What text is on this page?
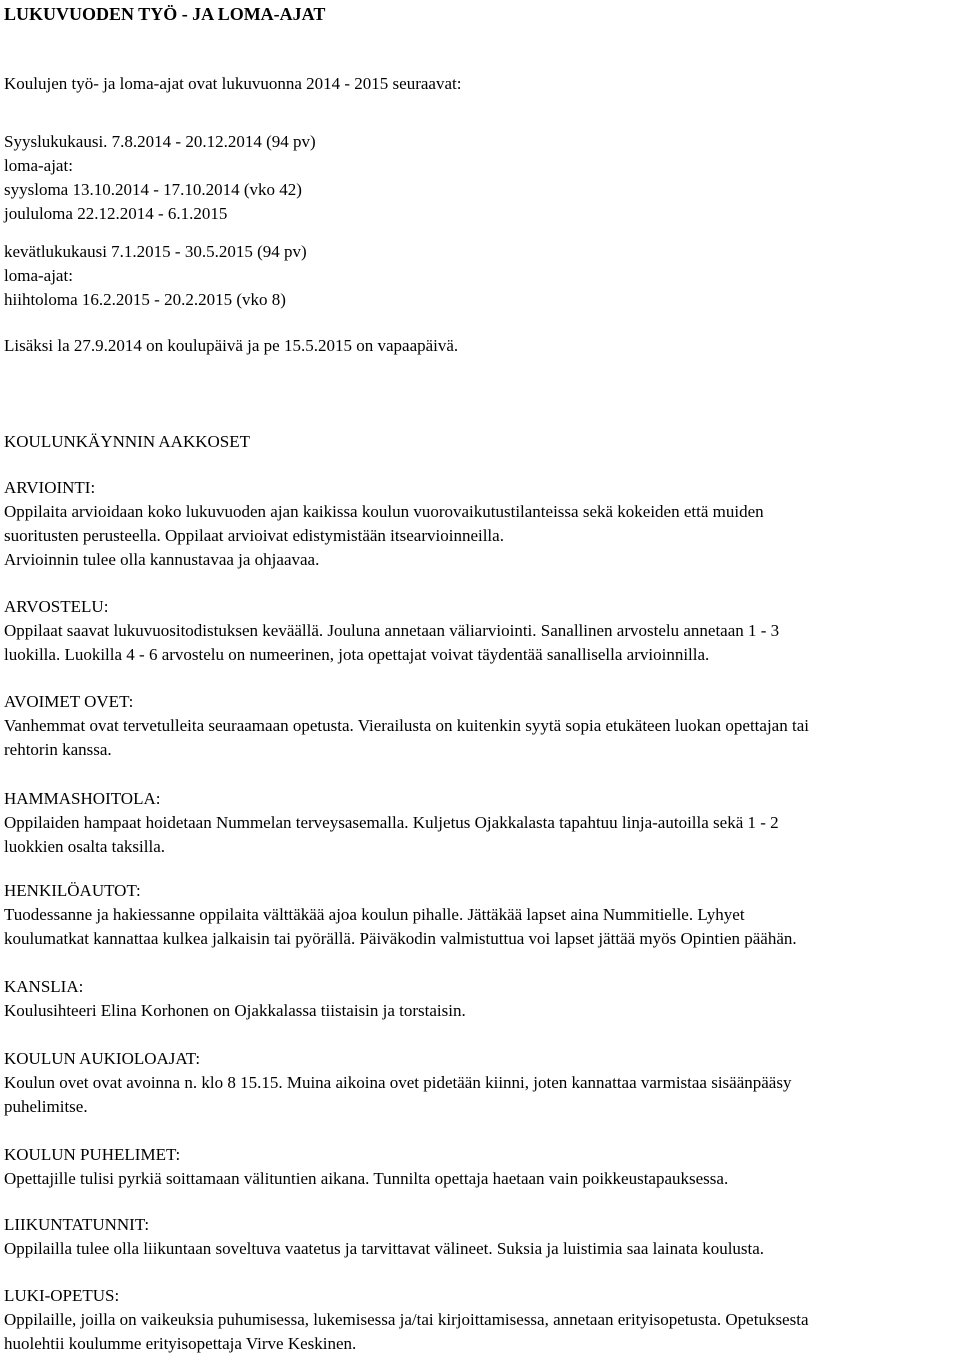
LUKUVUODEN TYÖ - JA LOMA-AJAT
Koulujen työ- ja loma-ajat ovat lukuvuonna 2014 - 2015 seuraavat:
Syyslukukausi. 7.8.2014 - 20.12.2014 (94 pv)
loma-ajat:
syysloma 13.10.2014 - 17.10.2014 (vko 42)
joululoma 22.12.2014 - 6.1.2015
kevätlukukausi 7.1.2015 - 30.5.2015 (94 pv)
loma-ajat:
hiihtoloma 16.2.2015 - 20.2.2015 (vko 8)
Lisäksi la 27.9.2014 on koulupäivä ja pe 15.5.2015 on vapaapäivä.
KOULUNKÄYNNIN AAKKOSET
ARVIOINTI:
Oppilaita arvioidaan koko lukuvuoden ajan kaikissa koulun vuorovaikutustilanteissa sekä kokeiden että muiden
suoritusten perusteella. Oppilaat arvioivat edistymistään itsearvioinneilla.
Arvioinnin tulee olla kannustavaa ja ohjaavaa.
ARVOSTELU:
Oppilaat saavat lukuvuositodistuksen keväällä. Jouluna annetaan väliarviointi. Sanallinen arvostelu annetaan 1 - 3
luokilla. Luokilla 4 - 6 arvostelu on numeerinen, jota opettajat voivat täydentää sanallisella arvioinnilla.
AVOIMET OVET:
Vanhemmat ovat tervetulleita seuraamaan opetusta. Vierailusta on kuitenkin syytä sopia etukäteen luokan opettajan tai
rehtorin kanssa.
HAMMASHOITOLA:
Oppilaiden hampaat hoidetaan Nummelan terveysasemalla. Kuljetus Ojakkalasta tapahtuu linja-autoilla sekä 1 - 2
luokkien osalta taksilla.
HENKILÖAUTOT:
Tuodessanne ja hakiessanne oppilaita välttäkää ajoa koulun pihalle. Jättäkää lapset aina Nummitielle. Lyhyet
koulumatkat kannattaa kulkea jalkaisin tai pyörällä. Päiväkodin valmistuttua voi lapset jättää myös Opintien päähän.
KANSLIA:
Koulusihteeri Elina Korhonen on Ojakkalassa tiistaisin ja torstaisin.
KOULUN AUKIOLOAJAT:
Koulun ovet ovat avoinna n. klo 8 15.15. Muina aikoina ovet pidetään kiinni, joten kannattaa varmistaa sisäänpääsy
puhelimitse.
KOULUN PUHELIMET:
Opettajille tulisi pyrkiä soittamaan välituntien aikana. Tunnilta opettaja haetaan vain poikkeustapauksessa.
LIIKUNTATUNNIT:
Oppilailla tulee olla liikuntaan soveltuva vaatetus ja tarvittavat välineet. Suksia ja luistimia saa lainata koulusta.
LUKI-OPETUS:
Oppilaille, joilla on vaikeuksia puhumisessa, lukemisessa ja/tai kirjoittamisessa, annetaan erityisopetusta. Opetuksesta
huolehtii koulumme erityisopettaja Virve Keskinen.
